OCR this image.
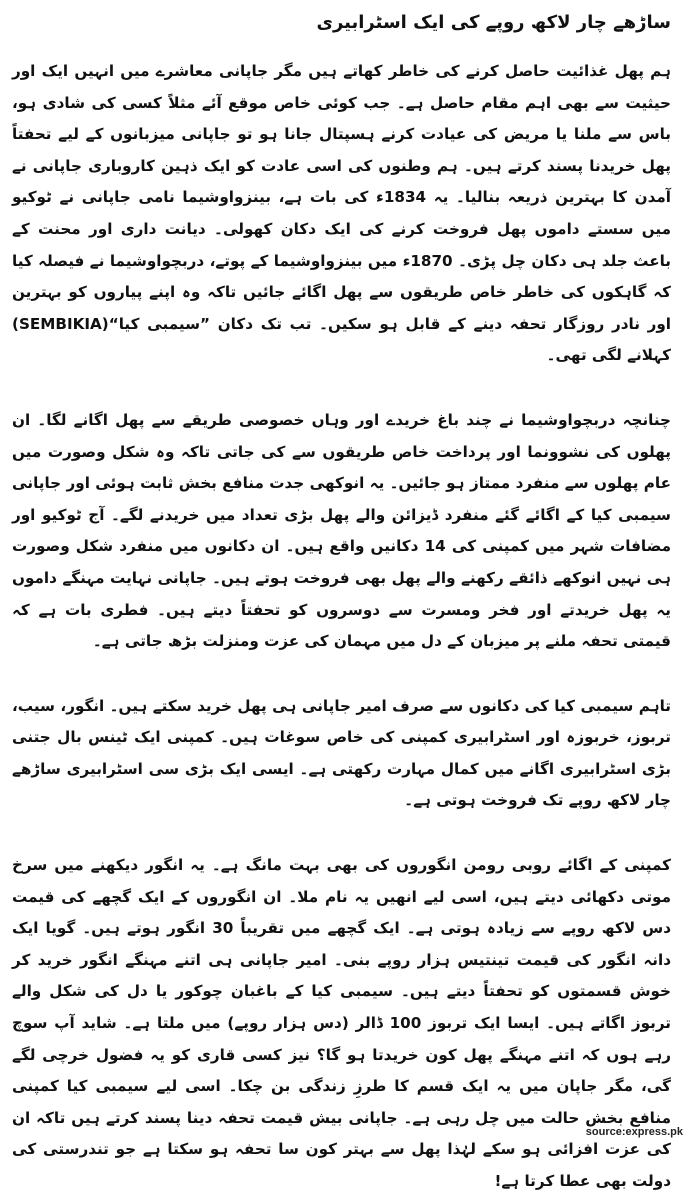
ساڑھے چار لاکھ روپے کی ایک اسٹرابیری
ہم پھل غذائیت حاصل کرنے کی خاطر کھاتے ہیں مگر جاپانی معاشرے میں انہیں ایک اور حیثیت سے بھی اہم مقام حاصل ہے۔ جب کوئی خاص موقع آئے مثلاً کسی کی شادی ہو، باس سے ملنا یا مریض کی عیادت کرنے ہسپتال جانا ہو تو جاپانی میزبانوں کے لیے تحفتاً پھل خریدنا پسند کرتے ہیں۔ ہم وطنوں کی اسی عادت کو ایک ذہین کاروباری جاپانی نے آمدن کا بہترین ذریعہ بنالیا۔ یہ 1834ء کی بات ہے، بینزواوشیما نامی جاپانی نے ٹوکیو میں سستے داموں پھل فروخت کرنے کی ایک دکان کھولی۔ دیانت داری اور محنت کے باعث جلد ہی دکان چل پڑی۔ 1870ء میں بینزواوشیما کے پوتے، دربچواوشیما نے فیصلہ کیا کہ گاہکوں کی خاطر خاص طریقوں سے پھل اگائے جائیں تاکہ وہ اپنے پیاروں کو بہترین اور نادر روزگار تحفہ دینے کے قابل ہو سکیں۔ تب تک دکان ”سیمبی کیا“(SEMBIKIA) کہلانے لگی تھی۔
چنانچہ دربچواوشیما نے چند باغ خریدے اور وہاں خصوصی طریقے سے پھل اگانے لگا۔ ان پھلوں کی نشوونما اور پرداخت خاص طریقوں سے کی جاتی تاکہ وہ شکل وصورت میں عام پھلوں سے منفرد ممتاز ہو جائیں۔ یہ انوکھی جدت منافع بخش ثابت ہوئی اور جاپانی سیمبی کیا کے اگائے گئے منفرد ڈیزائن والے پھل بڑی تعداد میں خریدنے لگے۔ آج ٹوکیو اور مضافات شہر میں کمپنی کی 14 دکانیں واقع ہیں۔ ان دکانوں میں منفرد شکل وصورت ہی نہیں انوکھے ذائقے رکھنے والے پھل بھی فروخت ہوتے ہیں۔ جاپانی نہایت مہنگے داموں یہ پھل خریدتے اور فخر ومسرت سے دوسروں کو تحفتاً دیتے ہیں۔ فطری بات ہے کہ قیمتی تحفہ ملنے پر میزبان کے دل میں مہمان کی عزت ومنزلت بڑھ جاتی ہے۔
تاہم سیمبی کیا کی دکانوں سے صرف امیر جاپانی ہی پھل خرید سکتے ہیں۔ انگور، سیب، تربوز، خربوزہ اور اسٹرابیری کمپنی کی خاص سوغات ہیں۔ کمپنی ایک ٹینس بال جتنی بڑی اسٹرابیری اگانے میں کمال مہارت رکھتی ہے۔ ایسی ایک بڑی سی اسٹرابیری ساڑھے چار لاکھ روپے تک فروخت ہوتی ہے۔
کمپنی کے اگائے روبی رومن انگوروں کی بھی بہت مانگ ہے۔ یہ انگور دیکھنے میں سرخ موتی دکھائی دیتے ہیں، اسی لیے انھیں یہ نام ملا۔ ان انگوروں کے ایک گچھے کی قیمت دس لاکھ روپے سے زیادہ ہوتی ہے۔ ایک گچھے میں تقریباً 30 انگور ہوتے ہیں۔ گویا ایک دانہ انگور کی قیمت تینتیس ہزار روپے بنی۔ امیر جاپانی ہی اتنے مہنگے انگور خرید کر خوش قسمتوں کو تحفتاً دیتے ہیں۔ سیمبی کیا کے باغبان چوکور یا دل کی شکل والے تربوز اگاتے ہیں۔ ایسا ایک تربوز 100 ڈالر (دس ہزار روپے) میں ملتا ہے۔ شاید آپ سوچ رہے ہوں کہ اتنے مہنگے پھل کون خریدتا ہو گا؟ نیز کسی قاری کو یہ فضول خرچی لگے گی، مگر جاپان میں یہ ایک قسم کا طرزِ زندگی بن چکا۔ اسی لیے سیمبی کیا کمپنی منافع بخش حالت میں چل رہی ہے۔ جاپانی بیش قیمت تحفہ دینا پسند کرتے ہیں تاکہ ان کی عزت افزائی ہو سکے لہٰذا پھل سے بہتر کون سا تحفہ ہو سکتا ہے جو تندرستی کی دولت بھی عطا کرتا ہے!
source:express.pk
